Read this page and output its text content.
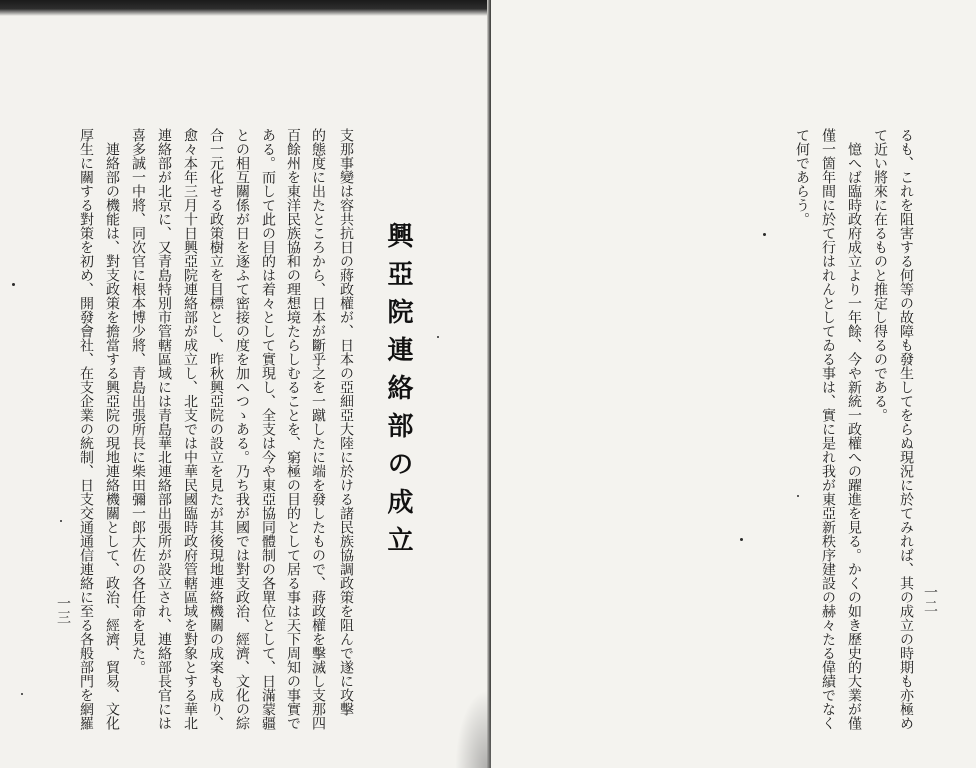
興亞院連絡部の成立
支那事變は容共抗日の蔣政權が、日本の亞細亞大陸に於ける諸民族協調政策を阻んで遂に攻擊
的態度に出たところから、日本が斷乎之を一蹴したに端を發したもので、蔣政權を擊滅し支那四
百餘州を東洋民族協和の理想境たらしむることを、窮極の目的として居る事は天下周知の事實で
ある。而して此の目的は着々として實現し、全支は今や東亞協同體制の各單位として、日滿蒙疆
との相互關係が日を逐ふて密接の度を加へつゝある。乃ち我が國では對支政治、經濟、文化の綜
合一元化せる政策樹立を目標とし、昨秋興亞院の設立を見たが其後現地連絡機關の成案も成り、
愈々本年三月十日興亞院連絡部が成立し、北支では中華民國臨時政府管轄區域を對象とする華北
連絡部が北京に、又青島特別市管轄區域には青島華北連絡部出張所が設立され、連絡部長官には
喜多誠一中將、同次官に根本博少將、青島出張所長に柴田彌一郎大佐の各任命を見た。
連絡部の機能は、對支政策を擔當する興亞院の現地連絡機關として、政治、經濟、貿易、文化
厚生に關する對策を初め、開發會社、在支企業の統制、日支交通通信連絡に至る各般部門を網羅
一三	るも、これを阻害する何等の故障も發生してをらぬ現況に於てみれば、其の成立の時期も亦極め
て近い將來に在るものと推定し得るのである。
憶へば臨時政府成立より一年餘、今や新統一政權への躍進を見る。かくの如き歷史的大業が僅
僅一箇年間に於て行はれんとしてゐる事は、實に是れ我が東亞新秩序建設の赫々たる偉績でなく
て何であらう。
一二
